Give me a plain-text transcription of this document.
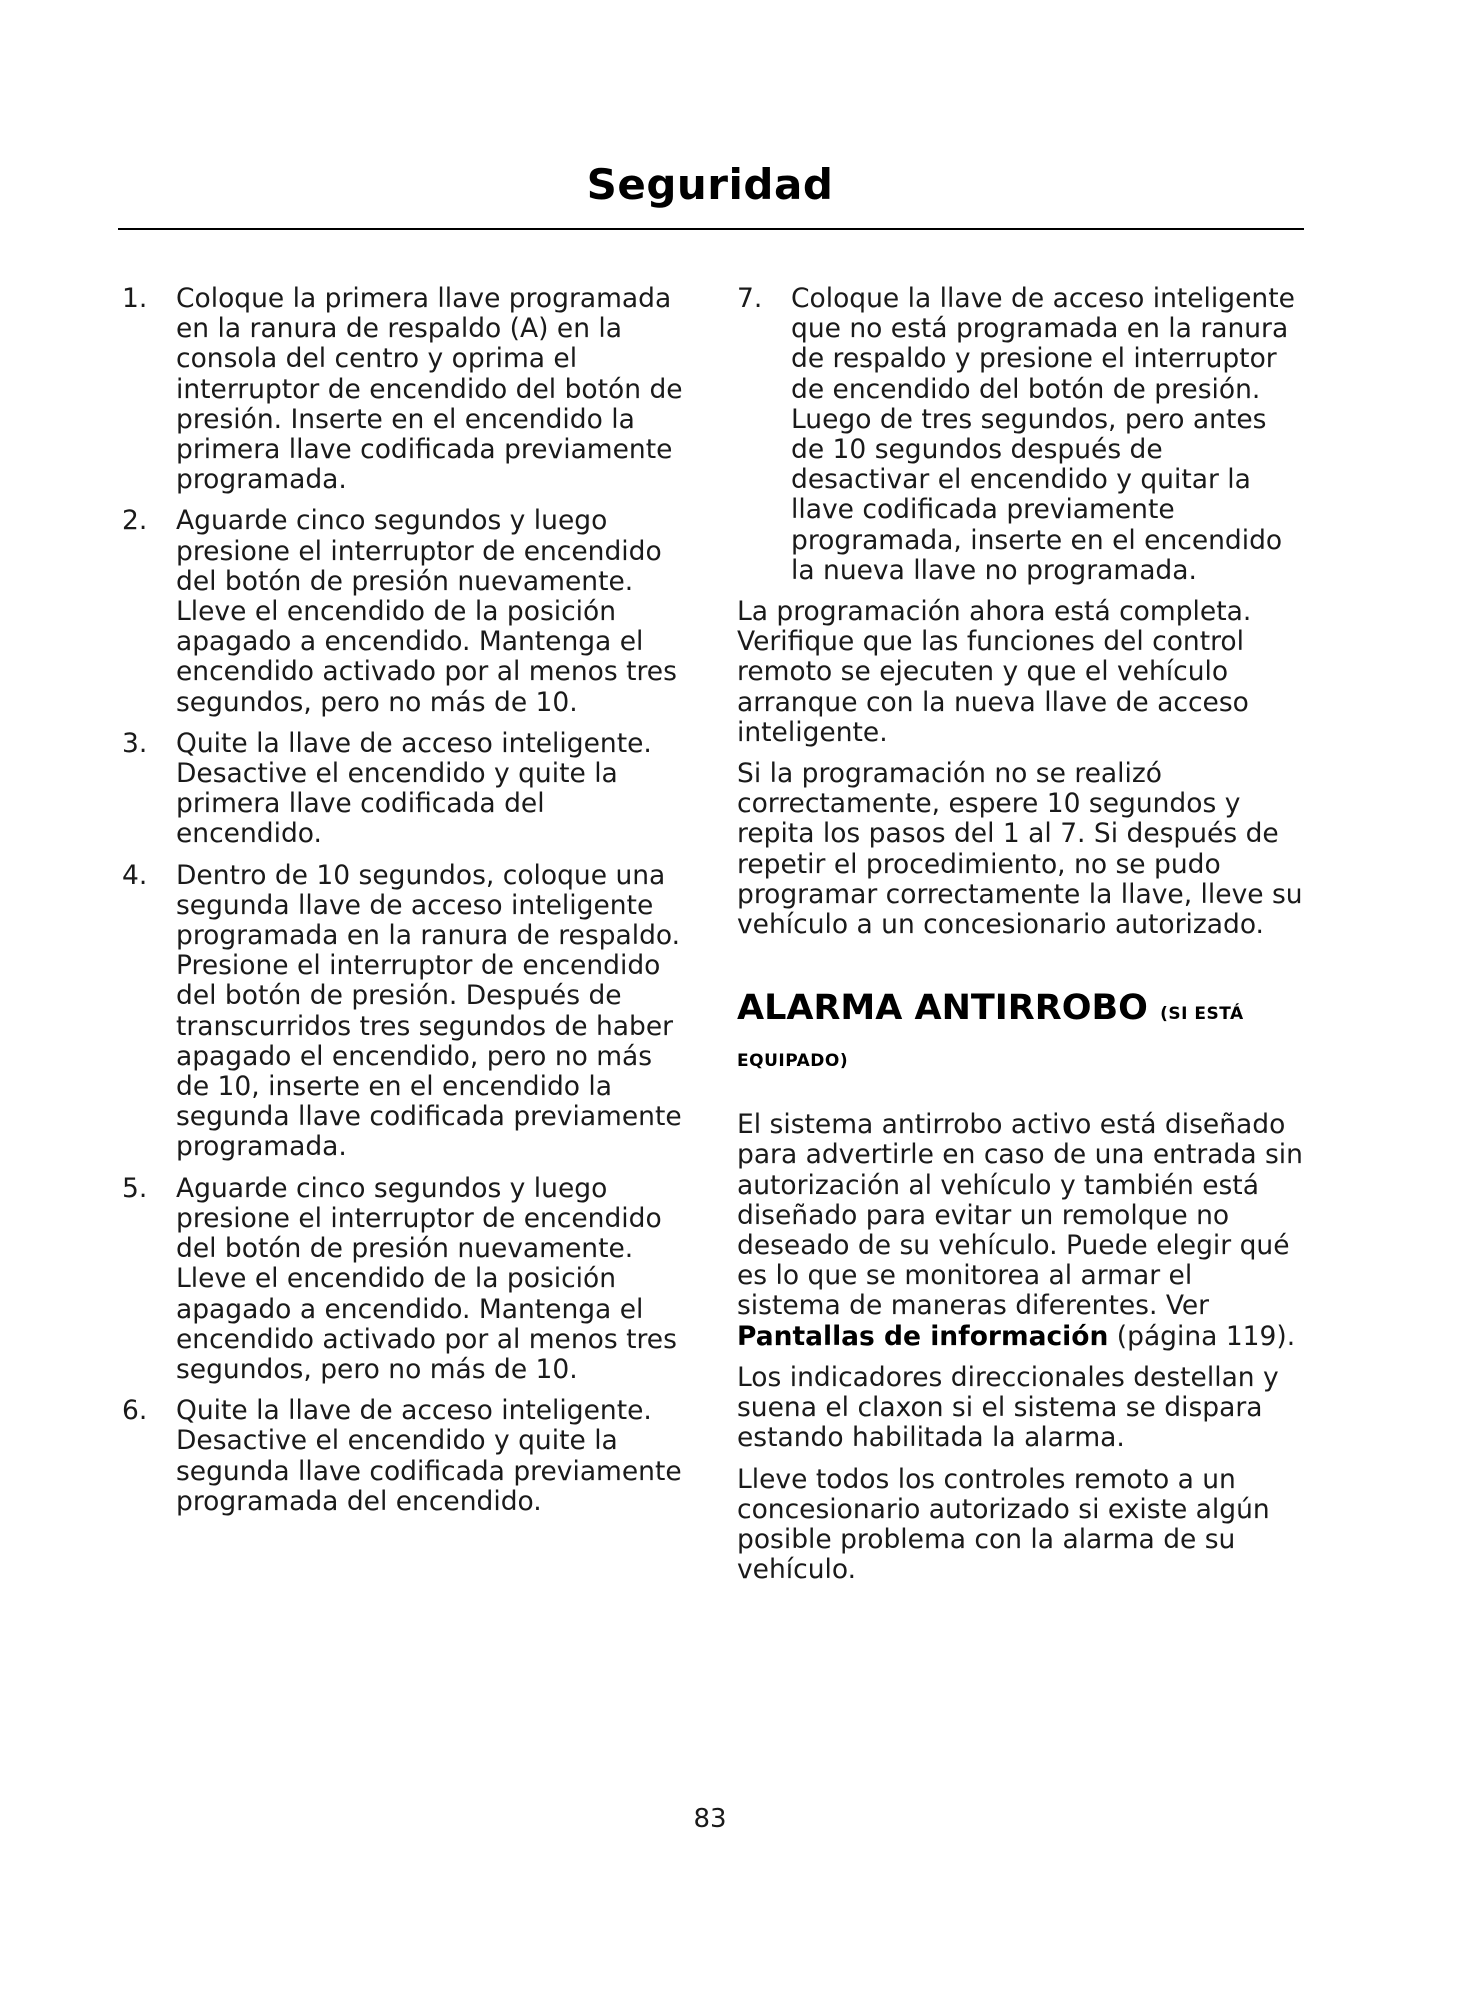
Seguridad
1.	Coloque la primera llave programada en la ranura de respaldo (A) en la consola del centro y oprima el interruptor de encendido del botón de presión. Inserte en el encendido la primera llave codificada previamente programada.
2.	Aguarde cinco segundos y luego presione el interruptor de encendido del botón de presión nuevamente. Lleve el encendido de la posición apagado a encendido. Mantenga el encendido activado por al menos tres segundos, pero no más de 10.
3.	Quite la llave de acceso inteligente. Desactive el encendido y quite la primera llave codificada del encendido.
4.	Dentro de 10 segundos, coloque una segunda llave de acceso inteligente programada en la ranura de respaldo. Presione el interruptor de encendido del botón de presión. Después de transcurridos tres segundos de haber apagado el encendido, pero no más de 10, inserte en el encendido la segunda llave codificada previamente programada.
5.	Aguarde cinco segundos y luego presione el interruptor de encendido del botón de presión nuevamente. Lleve el encendido de la posición apagado a encendido. Mantenga el encendido activado por al menos tres segundos, pero no más de 10.
6.	Quite la llave de acceso inteligente. Desactive el encendido y quite la segunda llave codificada previamente programada del encendido.
7.	Coloque la llave de acceso inteligente que no está programada en la ranura de respaldo y presione el interruptor de encendido del botón de presión. Luego de tres segundos, pero antes de 10 segundos después de desactivar el encendido y quitar la llave codificada previamente programada, inserte en el encendido la nueva llave no programada.

La programación ahora está completa. Verifique que las funciones del control remoto se ejecuten y que el vehículo arranque con la nueva llave de acceso inteligente.

Si la programación no se realizó correctamente, espere 10 segundos y repita los pasos del 1 al 7. Si después de repetir el procedimiento, no se pudo programar correctamente la llave, lleve su vehículo a un concesionario autorizado.

ALARMA ANTIRROBO (SI ESTÁ
EQUIPADO)

El sistema antirrobo activo está diseñado para advertirle en caso de una entrada sin autorización al vehículo y también está diseñado para evitar un remolque no deseado de su vehículo. Puede elegir qué es lo que se monitorea al armar el sistema de maneras diferentes. Ver Pantallas de información (página 119).

Los indicadores direccionales destellan y suena el claxon si el sistema se dispara estando habilitada la alarma.

Lleve todos los controles remoto a un concesionario autorizado si existe algún posible problema con la alarma de su vehículo.

83
